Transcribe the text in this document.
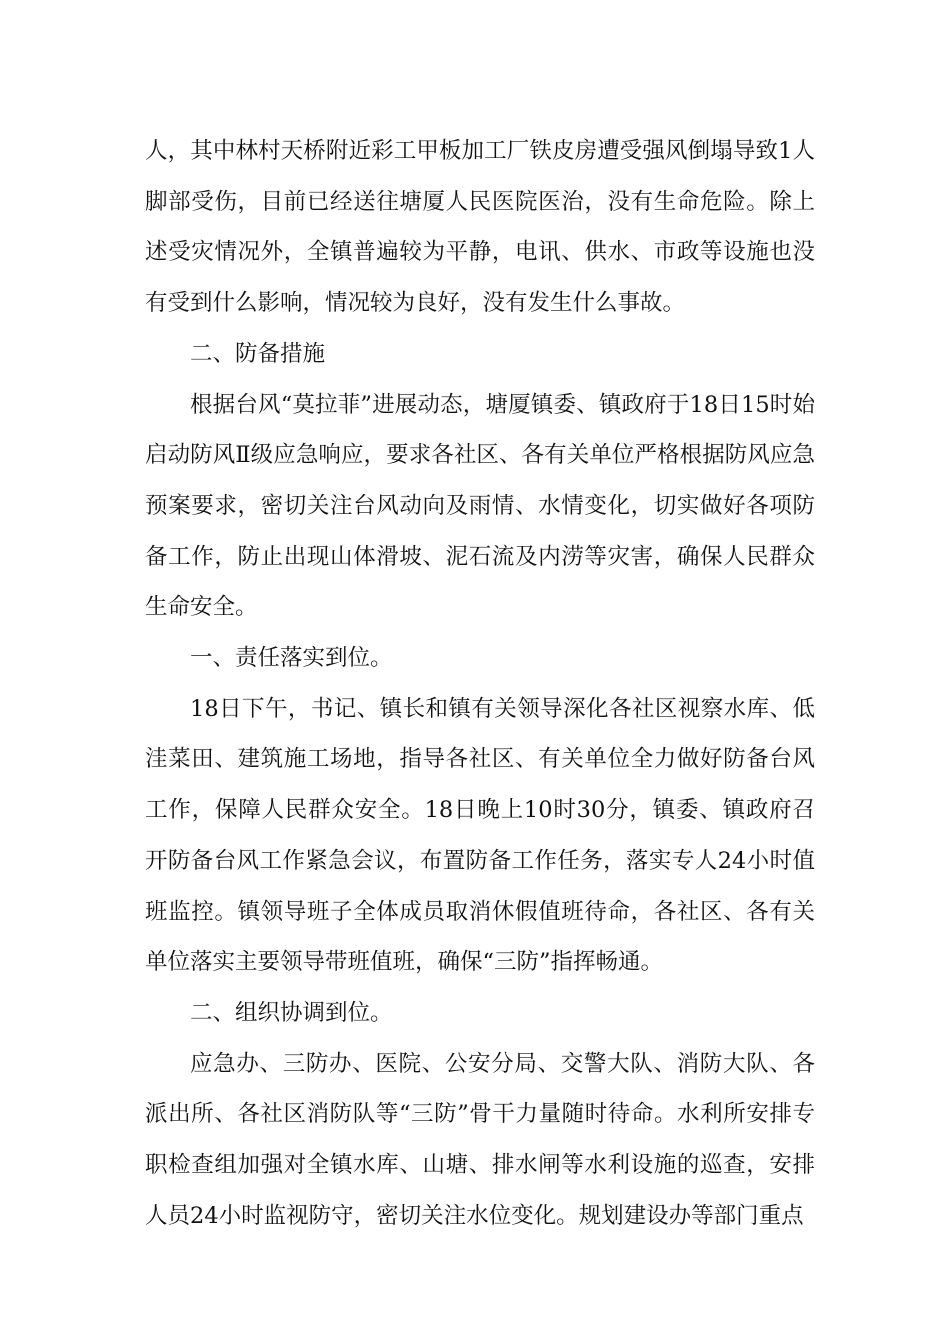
人，其中林村天桥附近彩工甲板加工厂铁皮房遭受强风倒塌导致1人脚部受伤，目前已经送往塘厦人民医院医治，没有生命危险。除上述受灾情况外，全镇普遍较为平静，电讯、供水、市政等设施也没有受到什么影响，情况较为良好，没有发生什么事故。

二、防备措施

根据台风“莫拉菲”进展动态，塘厦镇委、镇政府于18日15时始启动防风Ⅱ级应急响应，要求各社区、各有关单位严格根据防风应急预案要求，密切关注台风动向及雨情、水情变化，切实做好各项防备工作，防止出现山体滑坡、泥石流及内涝等灾害，确保人民群众生命安全。

一、责任落实到位。

18日下午，书记、镇长和镇有关领导深化各社区视察水库、低洼菜田、建筑施工场地，指导各社区、有关单位全力做好防备台风工作，保障人民群众安全。18日晚上10时30分，镇委、镇政府召开防备台风工作紧急会议，布置防备工作任务，落实专人24小时值班监控。镇领导班子全体成员取消休假值班待命，各社区、各有关单位落实主要领导带班值班，确保“三防”指挥畅通。

二、组织协调到位。

应急办、三防办、医院、公安分局、交警大队、消防大队、各派出所、各社区消防队等“三防”骨干力量随时待命。水利所安排专职检查组加强对全镇水库、山塘、排水闸等水利设施的巡查，安排人员24小时监视防守，密切关注水位变化。规划建设办等部门重点
